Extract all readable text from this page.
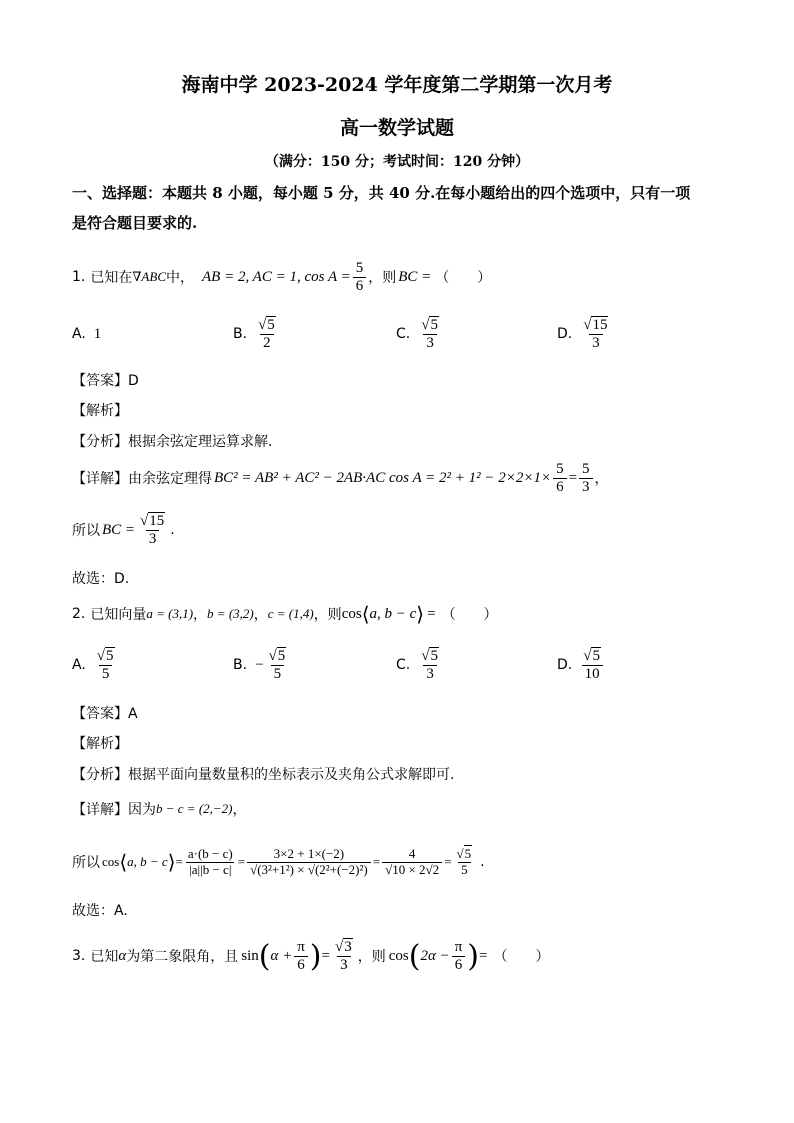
海南中学 2023-2024 学年度第二学期第一次月考
高一数学试题
（满分：150 分；考试时间：120 分钟）
一、选择题：本题共 8 小题，每小题 5 分，共 40 分.在每小题给出的四个选项中，只有一项
是符合题目要求的.
1. 已知在 ∇ABC 中， AB = 2, AC = 1, $\cos A = \frac{5}{6}$ ，则 BC = （　　）
A. 1	B. $\frac{√5}{2}$	C. $\frac{√5}{3}$	D. $\frac{√15}{3}$
【答案】D
【解析】
【分析】根据余弦定理运算求解.
【详解】 由余弦定理得 BC² = AB² + AC² − 2AB·AC $\cos A = 2^2 + 1^2 - 2\times 2\times 1\times \frac{5}{6} = \frac{5}{3}$ ，
所以 BC = $\frac{√15}{3}$ .
故选：D.
2. 已知向量 a = (3,1) ， b = (3,2) ， c = (1,4) ，则 cos ⟨ a, b − c ⟩ = （　　）
A. $\frac{√5}{5}$	B. − $\frac{√5}{5}$	C. $\frac{√5}{3}$	D. $\frac{√5}{10}$
【答案】A
【解析】
【分析】根据平面向量数量积的坐标表示及夹角公式求解即可.
【详解】 因为 b − c = (2,−2) ，
所以 cos ⟨ a, b − c ⟩ = $\frac{a\cdot(b - c)}{|a||b - c|} = \frac{3\times 2 + 1\times(-2)}{\text{√(3²+1²) × √(2²+(−2)²)}} = \frac{4}{√10 \times 2√2} = \frac{√5}{5}$ .
故选：A.
3. 已知 α 为第二象限角，且 sin ( $\alpha + \frac{\pi}{6}$ ) = $\frac{√3}{3}$ ，则 cos ( $2\alpha - \frac{\pi}{6}$ ) = （　　）
